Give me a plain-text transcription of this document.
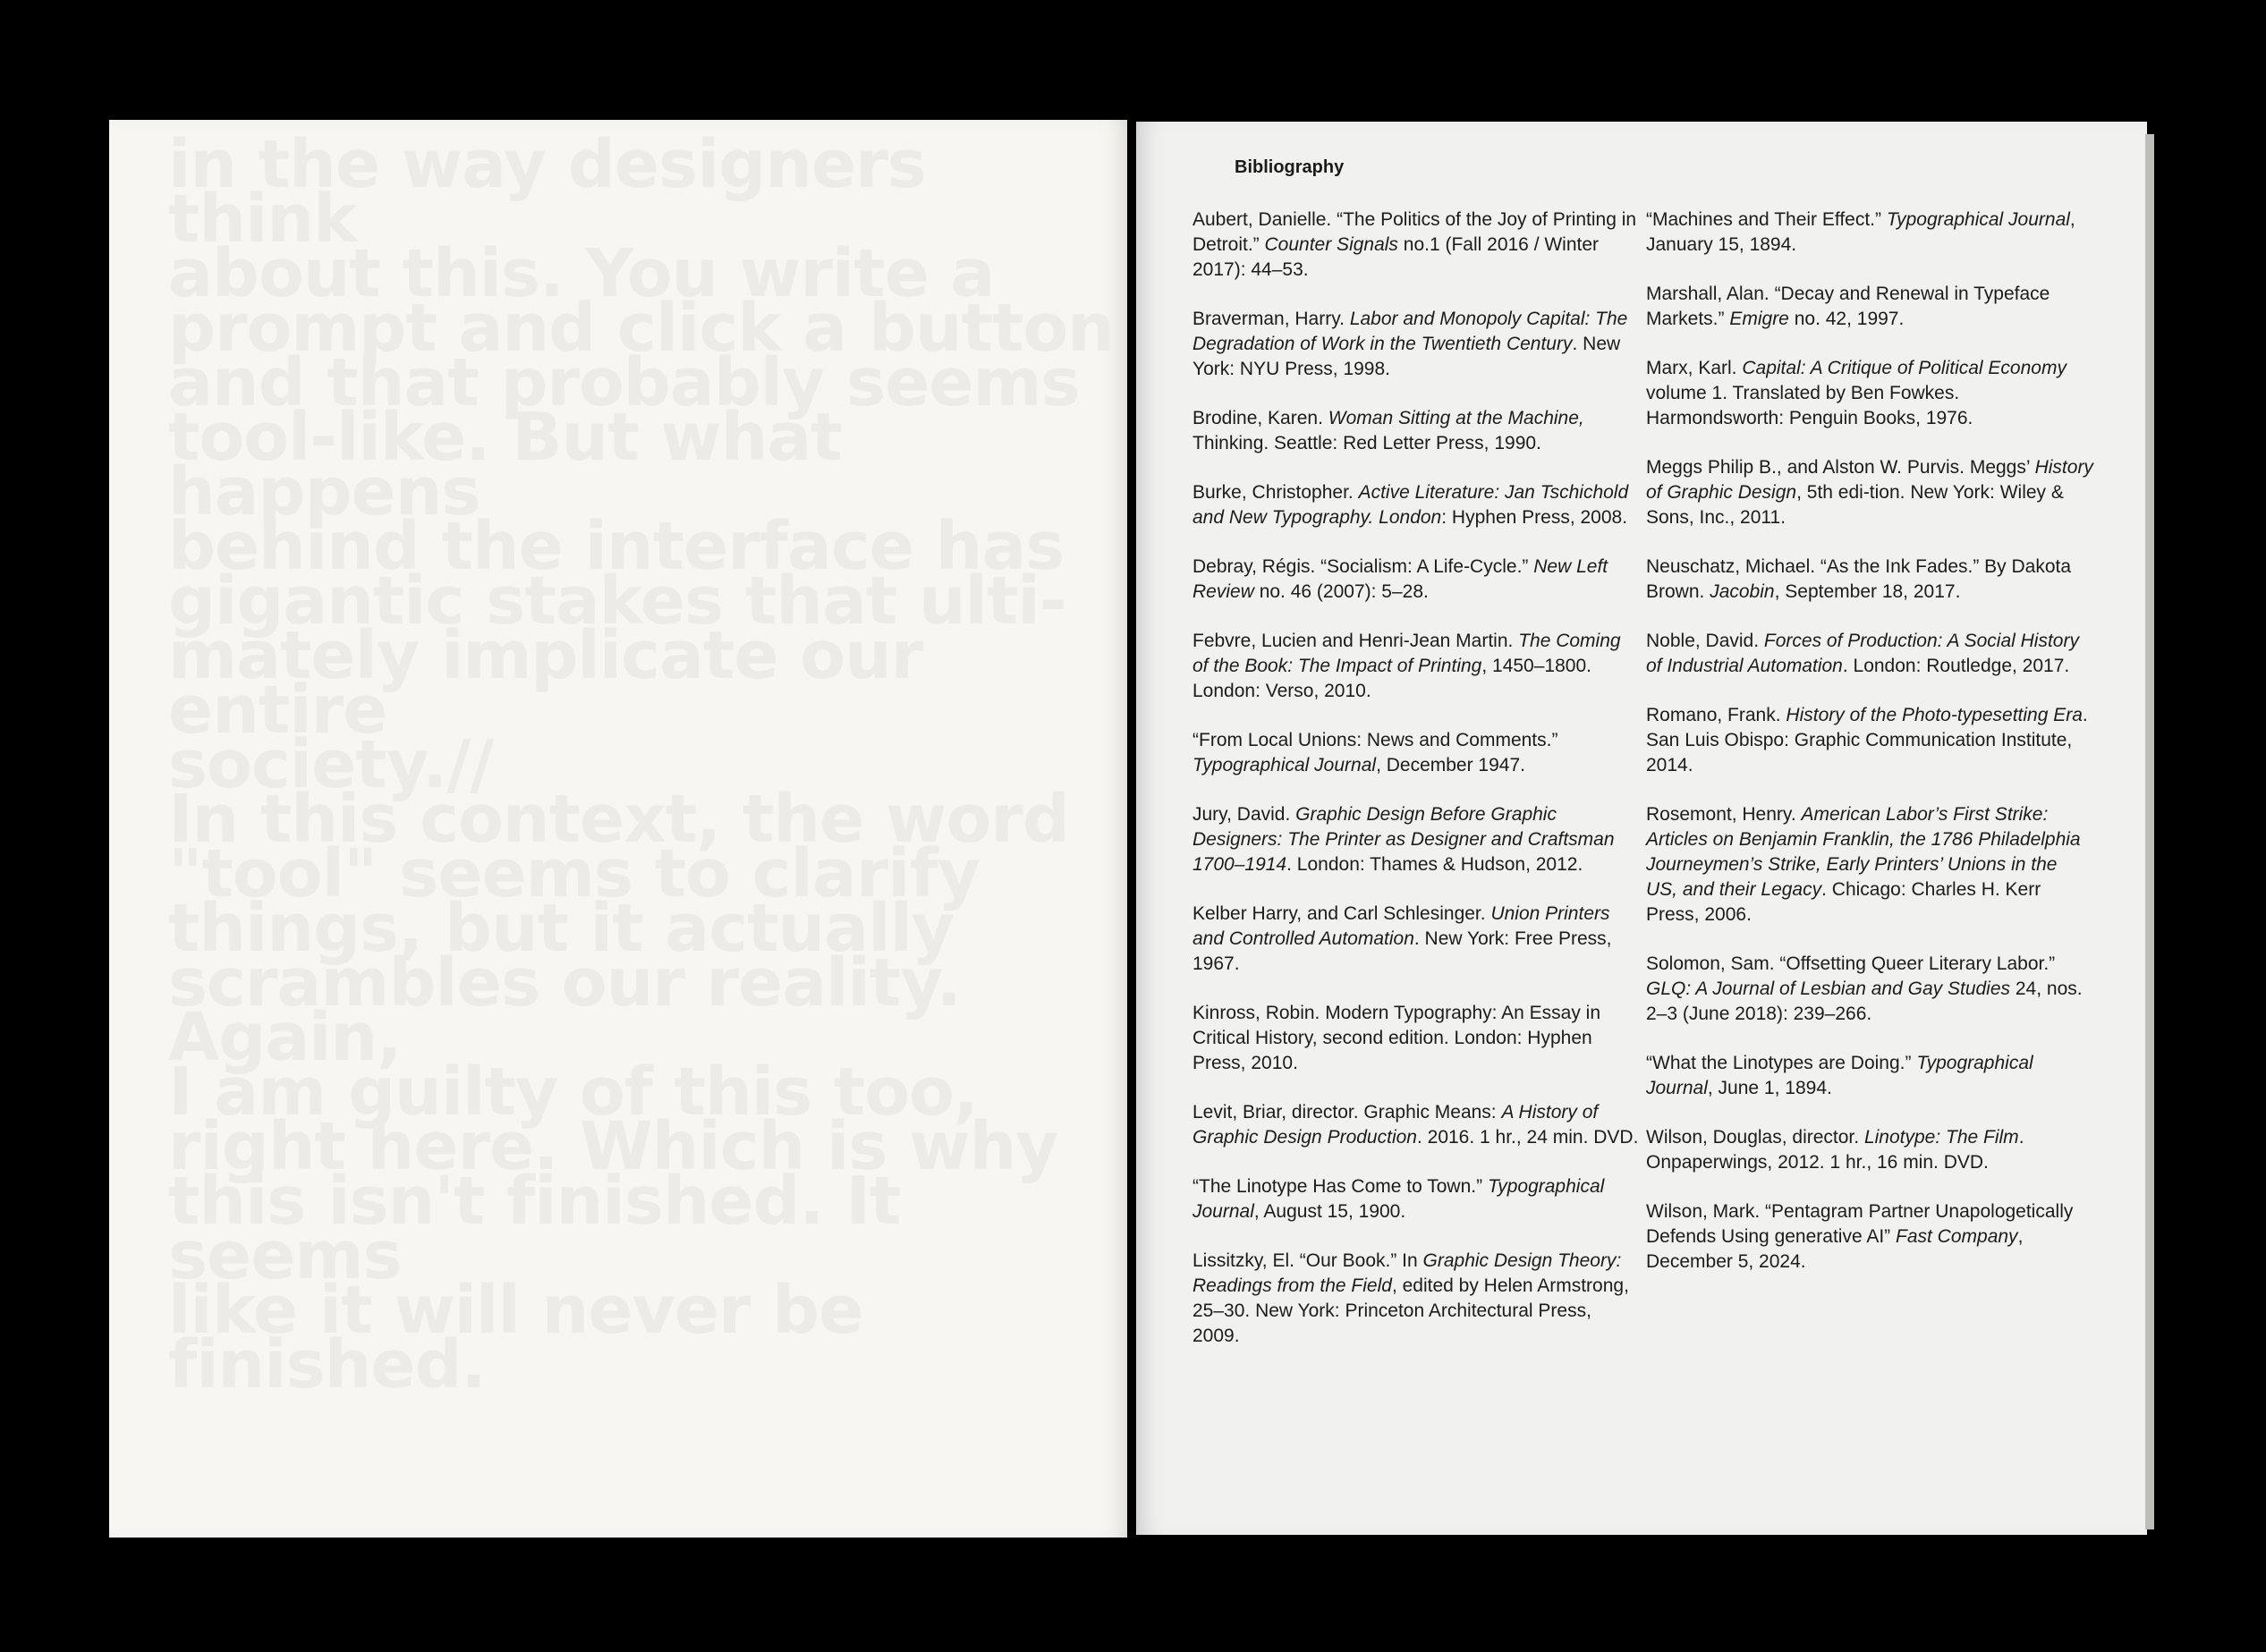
in the way designers think
about this. You write a
prompt and click a button
and that probably seems
tool-like. But what happens
behind the interface has
gigantic stakes that ulti-
mately implicate our entire
society.//
In this context, the word
"tool" seems to clarify
things, but it actually
scrambles our reality. Again,
I am guilty of this too,
right here. Which is why
this isn't finished. It seems
like it will never be finished.
Bibliography

Aubert, Danielle. “The Politics of the Joy of Printing in Detroit.” Counter Signals no.1 (Fall 2016 / Winter 2017): 44–53.

Braverman, Harry. Labor and Monopoly Capital: The Degradation of Work in the Twentieth Century. New York: NYU Press, 1998.

Brodine, Karen. Woman Sitting at the Machine, Thinking. Seattle: Red Letter Press, 1990.

Burke, Christopher. Active Literature: Jan Tschichold and New Typography. London: Hyphen Press, 2008.

Debray, Régis. “Socialism: A Life-Cycle.” New Left Review no. 46 (2007): 5–28.

Febvre, Lucien and Henri-Jean Martin. The Coming of the Book: The Impact of Printing, 1450–1800. London: Verso, 2010.

“From Local Unions: News and Comments.” Typographical Journal, December 1947.

Jury, David. Graphic Design Before Graphic Designers: The Printer as Designer and Craftsman 1700–1914. London: Thames & Hudson, 2012.

Kelber Harry, and Carl Schlesinger. Union Printers and Controlled Automation. New York: Free Press, 1967.

Kinross, Robin. Modern Typography: An Essay in Critical History, second edition. London: Hyphen Press, 2010.

Levit, Briar, director. Graphic Means: A History of Graphic Design Production. 2016. 1 hr., 24 min. DVD.

“The Linotype Has Come to Town.” Typographical Journal, August 15, 1900.

Lissitzky, El. “Our Book.” In Graphic Design Theory: Readings from the Field, edited by Helen Armstrong, 25–30. New York: Princeton Architectural Press, 2009.

“Machines and Their Effect.” Typographical Journal, January 15, 1894.

Marshall, Alan. “Decay and Renewal in Typeface Markets.” Emigre no. 42, 1997.

Marx, Karl. Capital: A Critique of Political Economy volume 1. Translated by Ben Fowkes. Harmondsworth: Penguin Books, 1976.

Meggs Philip B., and Alston W. Purvis. Meggs’ History of Graphic Design, 5th edi-tion. New York: Wiley & Sons, Inc., 2011.

Neuschatz, Michael. “As the Ink Fades.” By Dakota Brown. Jacobin, September 18, 2017.

Noble, David. Forces of Production: A Social History of Industrial Automation. London: Routledge, 2017.

Romano, Frank. History of the Photo-typesetting Era. San Luis Obispo: Graphic Communication Institute, 2014.

Rosemont, Henry. American Labor’s First Strike: Articles on Benjamin Franklin, the 1786 Philadelphia Journeymen’s Strike, Early Printers’ Unions in the US, and their Legacy. Chicago: Charles H. Kerr Press, 2006.

Solomon, Sam. “Offsetting Queer Literary Labor.” GLQ: A Journal of Lesbian and Gay Studies 24, nos. 2–3 (June 2018): 239–266.

“What the Linotypes are Doing.” Typographical Journal, June 1, 1894.

Wilson, Douglas, director. Linotype: The Film. Onpaperwings, 2012. 1 hr., 16 min. DVD.

Wilson, Mark. “Pentagram Partner Unapologetically Defends Using generative AI” Fast Company, December 5, 2024.
